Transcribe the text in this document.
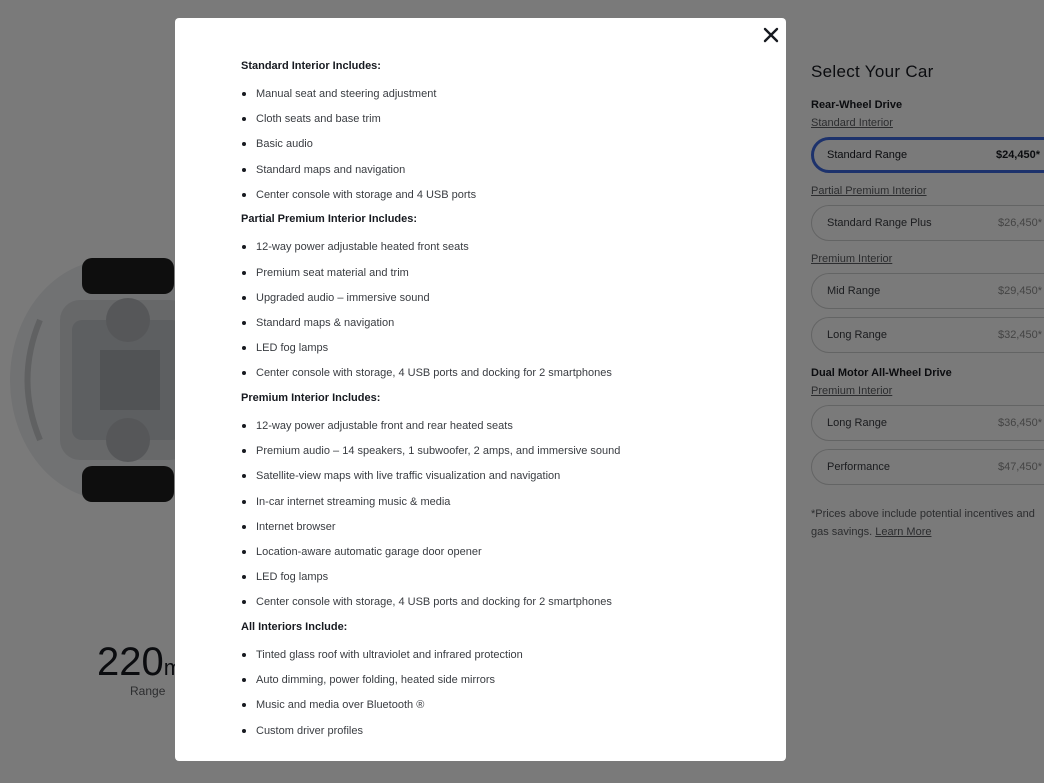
Standard Interior Includes:
Manual seat and steering adjustment
Cloth seats and base trim
Basic audio
Standard maps and navigation
Center console with storage and 4 USB ports
Partial Premium Interior Includes:
12-way power adjustable heated front seats
Premium seat material and trim
Upgraded audio – immersive sound
Standard maps & navigation
LED fog lamps
Center console with storage, 4 USB ports and docking for 2 smartphones
Premium Interior Includes:
12-way power adjustable front and rear heated seats
Premium audio – 14 speakers, 1 subwoofer, 2 amps, and immersive sound
Satellite-view maps with live traffic visualization and navigation
In-car internet streaming music & media
Internet browser
Location-aware automatic garage door opener
LED fog lamps
Center console with storage, 4 USB ports and docking for 2 smartphones
All Interiors Include:
Tinted glass roof with ultraviolet and infrared protection
Auto dimming, power folding, heated side mirrors
Music and media over Bluetooth ®
Custom driver profiles
